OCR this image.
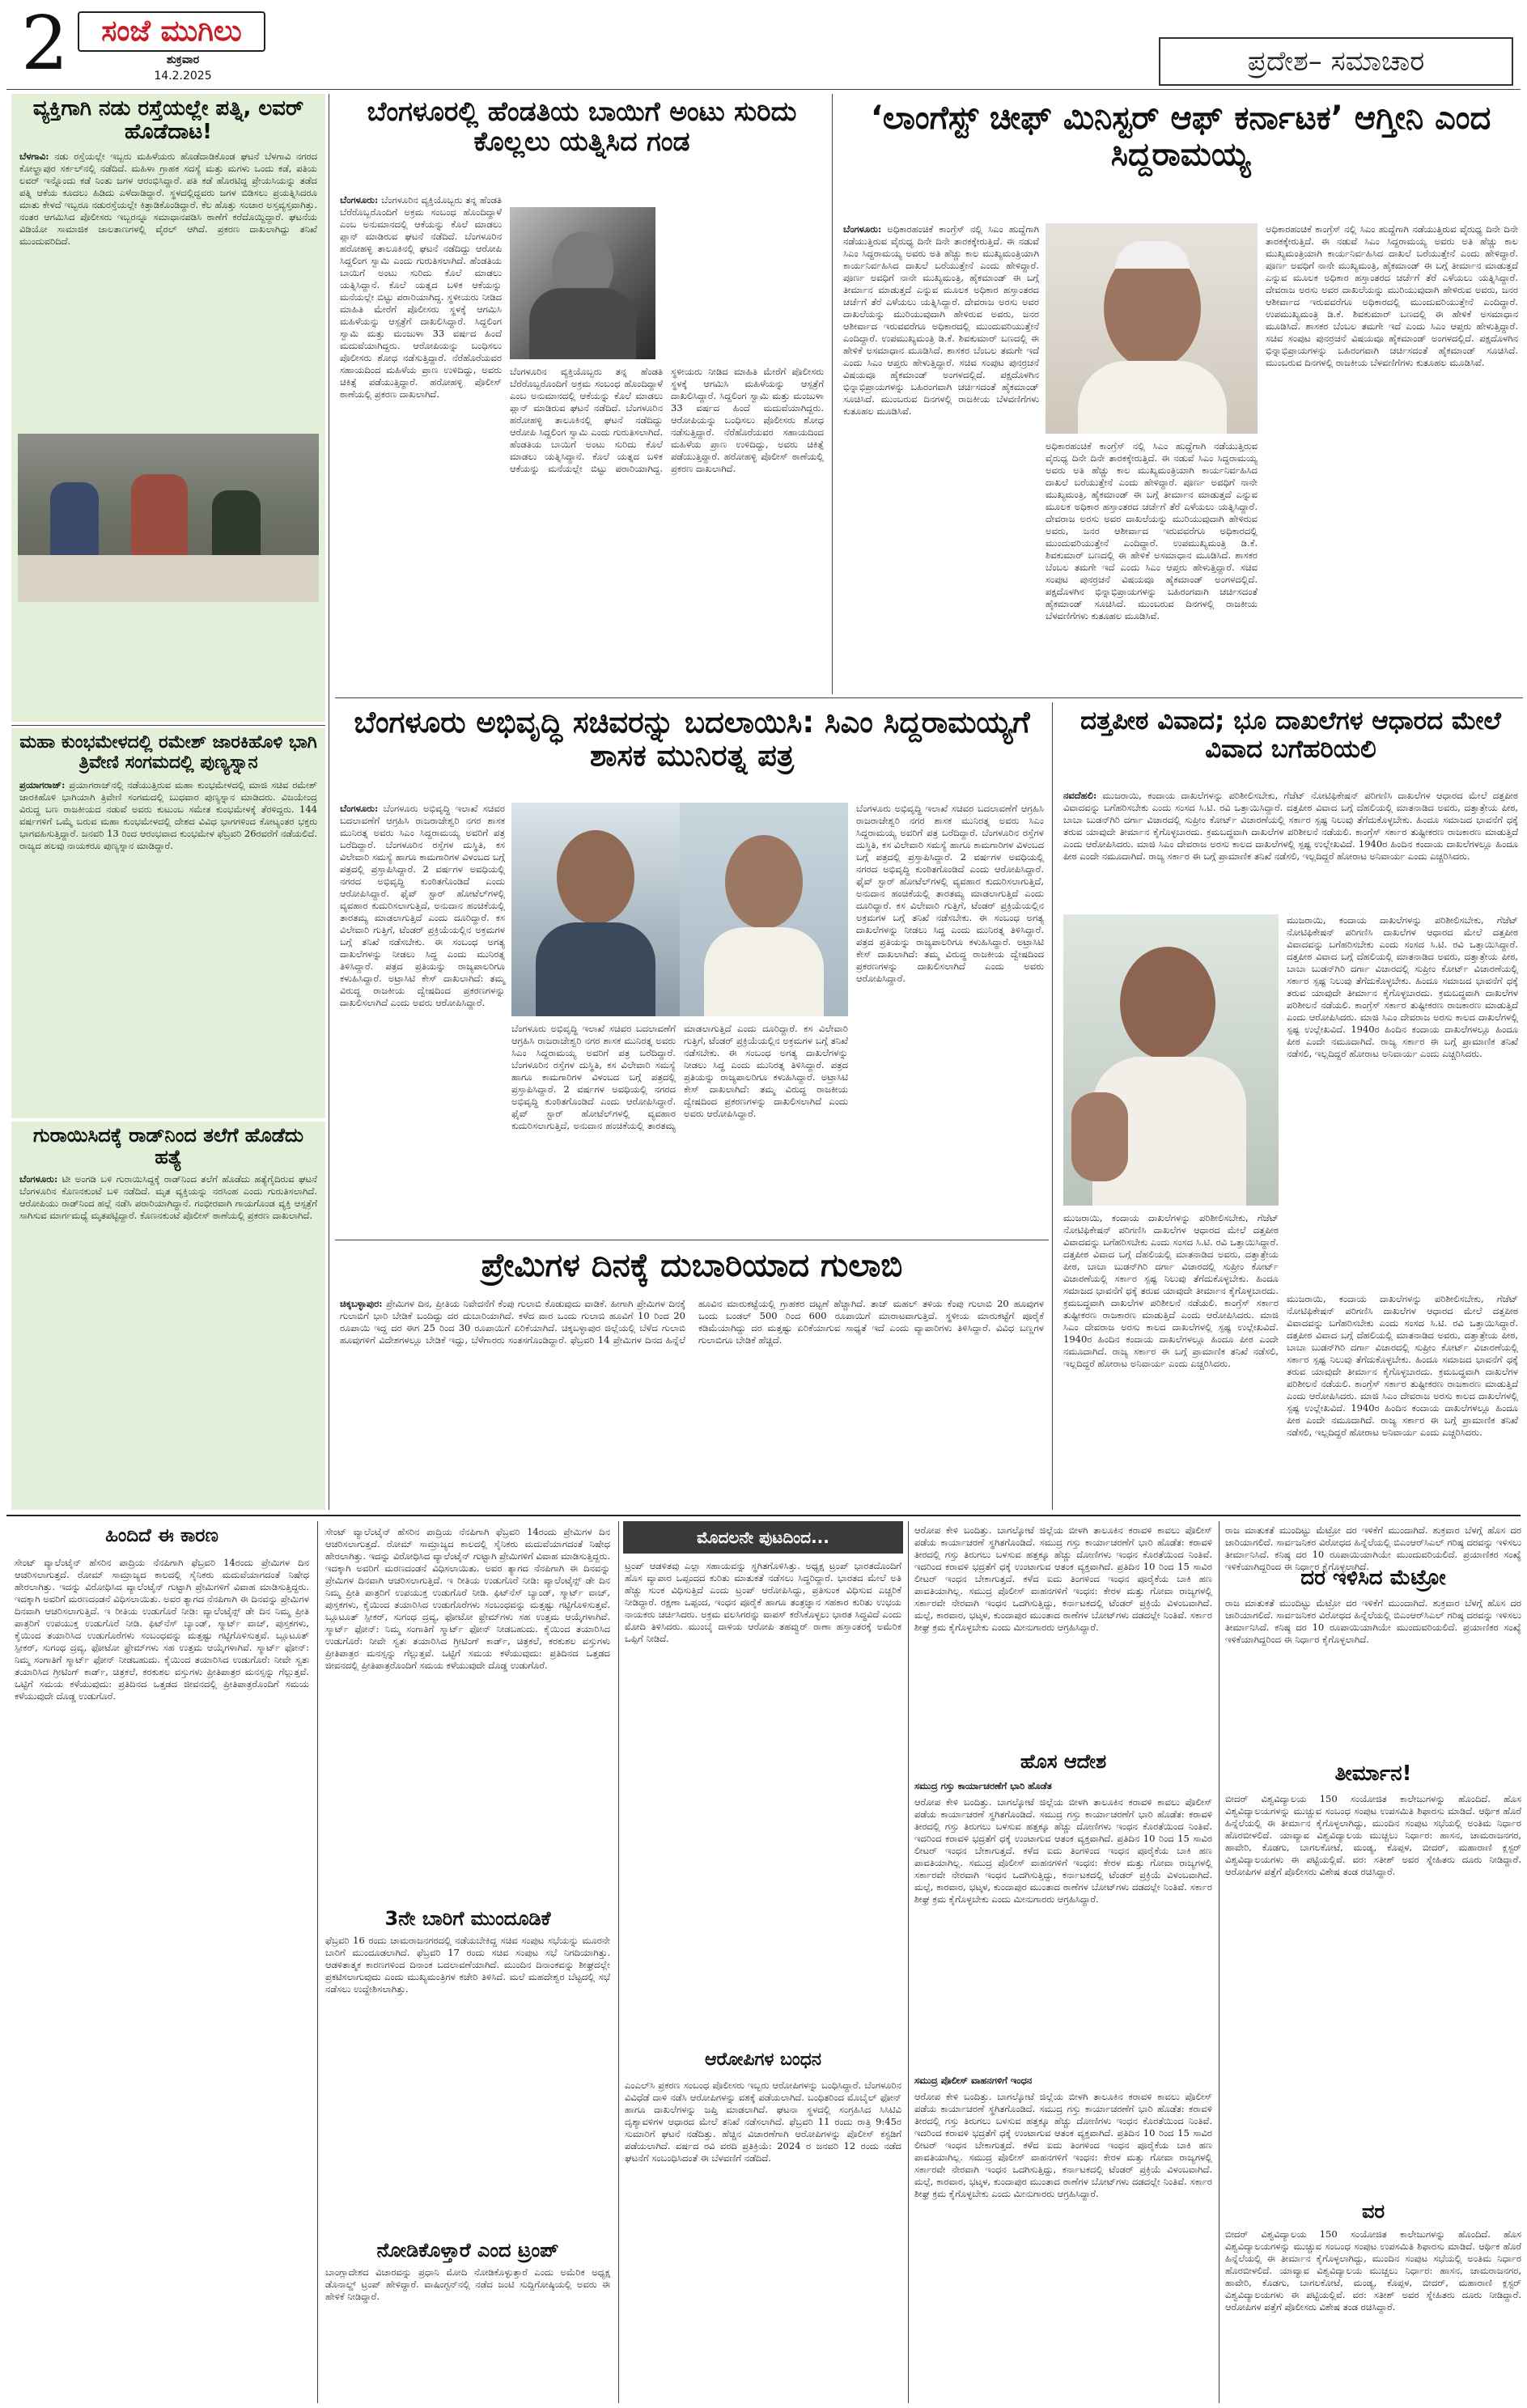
2	ಸಂಜೆ ಮುಗಿಲು
ಶುಕ್ರವಾರ
14.2.2025	ಪ್ರದೇಶ– ಸಮಾಚಾರ
ವ್ಯಕ್ತಿಗಾಗಿ ನಡು ರಸ್ತೆಯಲ್ಲೇ ಪತ್ನಿ, ಲವರ್ ಹೊಡೆದಾಟ!
ಬೆಳಗಾವಿ: ನಡು ರಸ್ತೆಯಲ್ಲೇ ಇಬ್ಬರು ಮಹಿಳೆಯರು ಹೊಡೆದಾಡಿಕೊಂಡ ಘಟನೆ ಬೆಳಗಾವಿ ನಗರದ ಕೋಲ್ಹಾಪುರ ಸರ್ಕಲ್‌ನಲ್ಲಿ ನಡೆದಿದೆ. ಮಹಿಳಾ ಗ್ರಾಹಕ ಸದಸ್ಯೆ ಮತ್ತು ಮಗಳು ಒಂದು ಕಡೆ, ಪತಿಯ ಲವರ್ ಇನ್ನೊಂದು ಕಡೆ ನಿಂತು ಜಗಳ ಆರಂಭಿಸಿದ್ದಾರೆ. ಪತಿ ಕಡೆ ಹೊರಟಿದ್ದ ಪ್ರೇಯಸಿಯನ್ನು ತಡೆದ ಪತ್ನಿ ಆಕೆಯ ಕೂದಲು ಹಿಡಿದು ಎಳೆದಾಡಿದ್ದಾರೆ. ಸ್ಥಳದಲ್ಲಿದ್ದವರು ಜಗಳ ಬಿಡಿಸಲು ಪ್ರಯತ್ನಿಸಿದರೂ ಮಾತು ಕೇಳದೆ ಇಬ್ಬರೂ ನಡುರಸ್ತೆಯಲ್ಲೇ ಕಿತ್ತಾಡಿಕೊಂಡಿದ್ದಾರೆ. ಕೆಲ ಹೊತ್ತು ಸಂಚಾರ ಅಸ್ತವ್ಯಸ್ತವಾಗಿತ್ತು. ನಂತರ ಆಗಮಿಸಿದ ಪೊಲೀಸರು ಇಬ್ಬರನ್ನೂ ಸಮಾಧಾನಪಡಿಸಿ ಠಾಣೆಗೆ ಕರೆದೊಯ್ದಿದ್ದಾರೆ. ಘಟನೆಯ ವಿಡಿಯೋ ಸಾಮಾಜಿಕ ಜಾಲತಾಣಗಳಲ್ಲಿ ವೈರಲ್ ಆಗಿದೆ. ಪ್ರಕರಣ ದಾಖಲಾಗಿದ್ದು ತನಿಖೆ ಮುಂದುವರಿದಿದೆ.
ಮಹಾ ಕುಂಭಮೇಳದಲ್ಲಿ ರಮೇಶ್ ಜಾರಕಿಹೊಳಿ ಭಾಗಿ ತ್ರಿವೇಣಿ ಸಂಗಮದಲ್ಲಿ ಪುಣ್ಯಸ್ನಾನ
ಪ್ರಯಾಗರಾಜ್: ಪ್ರಯಾಗರಾಜ್‌ನಲ್ಲಿ ನಡೆಯುತ್ತಿರುವ ಮಹಾ ಕುಂಭಮೇಳದಲ್ಲಿ ಮಾಜಿ ಸಚಿವ ರಮೇಶ್ ಜಾರಕಿಹೊಳಿ ಭಾಗಿಯಾಗಿ ತ್ರಿವೇಣಿ ಸಂಗಮದಲ್ಲಿ ಬುಧವಾರ ಪುಣ್ಯಸ್ನಾನ ಮಾಡಿದರು. ವಿಜಯೇಂದ್ರ ವಿರುದ್ಧ ಬಣ ರಾಜಕೀಯದ ನಡುವೆ ಅವರು ಕುಟುಂಬ ಸಮೇತ ಕುಂಭಮೇಳಕ್ಕೆ ತೆರಳಿದ್ದರು. 144 ವರ್ಷಗಳಿಗೆ ಒಮ್ಮೆ ಬರುವ ಮಹಾ ಕುಂಭಮೇಳದಲ್ಲಿ ದೇಶದ ವಿವಿಧ ಭಾಗಗಳಿಂದ ಕೋಟ್ಯಂತರ ಭಕ್ತರು ಭಾಗವಹಿಸುತ್ತಿದ್ದಾರೆ. ಜನವರಿ 13 ರಿಂದ ಆರಂಭವಾದ ಕುಂಭಮೇಳ ಫೆಬ್ರವರಿ 26ರವರೆಗೆ ನಡೆಯಲಿದೆ. ರಾಜ್ಯದ ಹಲವು ನಾಯಕರೂ ಪುಣ್ಯಸ್ನಾನ ಮಾಡಿದ್ದಾರೆ.
ಗುರಾಯಿಸಿದಕ್ಕೆ ರಾಡ್‌ನಿಂದ ತಲೆಗೆ ಹೊಡೆದು ಹತ್ಯೆ
ಬೆಂಗಳೂರು: ಟೀ ಅಂಗಡಿ ಬಳಿ ಗುರಾಯಿಸಿದ್ದಕ್ಕೆ ರಾಡ್‌ನಿಂದ ತಲೆಗೆ ಹೊಡೆದು ಹತ್ಯೆಗೈದಿರುವ ಘಟನೆ ಬೆಂಗಳೂರಿನ ಕೊಣನಕುಂಟೆ ಬಳಿ ನಡೆದಿದೆ. ಮೃತ ವ್ಯಕ್ತಿಯನ್ನು ನರಸಿಂಹ ಎಂದು ಗುರುತಿಸಲಾಗಿದೆ. ಆರೋಪಿಯು ರಾಡ್‌ನಿಂದ ಹಲ್ಲೆ ನಡೆಸಿ ಪರಾರಿಯಾಗಿದ್ದಾನೆ. ಗಂಭೀರವಾಗಿ ಗಾಯಗೊಂಡ ವ್ಯಕ್ತಿ ಆಸ್ಪತ್ರೆಗೆ ಸಾಗಿಸುವ ಮಾರ್ಗಮಧ್ಯೆ ಮೃತಪಟ್ಟಿದ್ದಾರೆ. ಕೊಣನಕುಂಟೆ ಪೊಲೀಸ್ ಠಾಣೆಯಲ್ಲಿ ಪ್ರಕರಣ ದಾಖಲಾಗಿದೆ.
ಬೆಂಗಳೂರಲ್ಲಿ ಹೆಂಡತಿಯ ಬಾಯಿಗೆ ಅಂಟು ಸುರಿದು ಕೊಲ್ಲಲು ಯತ್ನಿಸಿದ ಗಂಡ
ಬೆಂಗಳೂರು: ಬೆಂಗಳೂರಿನ ವ್ಯಕ್ತಿಯೊಬ್ಬರು ತನ್ನ ಹೆಂಡತಿ ಬೆರೆರೊಬ್ಬರೊಂದಿಗೆ ಅಕ್ರಮ ಸಂಬಂಧ ಹೊಂದಿದ್ದಾಳೆ ಎಂಬ ಅನುಮಾನದಲ್ಲಿ ಆಕೆಯನ್ನು ಕೊಲೆ ಮಾಡಲು ಪ್ಲಾನ್ ಮಾಡಿರುವ ಘಟನೆ ನಡೆದಿದೆ. ಬೆಂಗಳೂರಿನ ಹರೋಹಳ್ಳಿ ತಾಲೂಕಿನಲ್ಲಿ ಘಟನೆ ನಡೆದಿದ್ದು ಆರೋಪಿ ಸಿದ್ದಲಿಂಗ ಸ್ವಾಮಿ ಎಂದು ಗುರುತಿಸಲಾಗಿದೆ. ಹೆಂಡತಿಯ ಬಾಯಿಗೆ ಅಂಟು ಸುರಿದು ಕೊಲೆ ಮಾಡಲು ಯತ್ನಿಸಿದ್ದಾನೆ. ಕೊಲೆ ಯತ್ನದ ಬಳಿಕ ಆಕೆಯನ್ನು ಮನೆಯಲ್ಲೇ ಬಿಟ್ಟು ಪರಾರಿಯಾಗಿದ್ದ. ಸ್ಥಳೀಯರು ನೀಡಿದ ಮಾಹಿತಿ ಮೇರೆಗೆ ಪೊಲೀಸರು ಸ್ಥಳಕ್ಕೆ ಆಗಮಿಸಿ ಮಹಿಳೆಯನ್ನು ಆಸ್ಪತ್ರೆಗೆ ದಾಖಲಿಸಿದ್ದಾರೆ. ಸಿದ್ದಲಿಂಗ ಸ್ವಾಮಿ ಮತ್ತು ಮಂಜುಳಾ 33 ವರ್ಷದ ಹಿಂದೆ ಮದುವೆಯಾಗಿದ್ದರು. ಆರೋಪಿಯನ್ನು ಬಂಧಿಸಲು ಪೊಲೀಸರು ಶೋಧ ನಡೆಸುತ್ತಿದ್ದಾರೆ. ನೆರೆಹೊರೆಯವರ ಸಹಾಯದಿಂದ ಮಹಿಳೆಯ ಪ್ರಾಣ ಉಳಿದಿದ್ದು, ಅವರು ಚಿಕಿತ್ಸೆ ಪಡೆಯುತ್ತಿದ್ದಾರೆ. ಹರೋಹಳ್ಳಿ ಪೊಲೀಸ್ ಠಾಣೆಯಲ್ಲಿ ಪ್ರಕರಣ ದಾಖಲಾಗಿದೆ.
ಬೆಂಗಳೂರಿನ ವ್ಯಕ್ತಿಯೊಬ್ಬರು ತನ್ನ ಹೆಂಡತಿ ಬೆರೆರೊಬ್ಬರೊಂದಿಗೆ ಅಕ್ರಮ ಸಂಬಂಧ ಹೊಂದಿದ್ದಾಳೆ ಎಂಬ ಅನುಮಾನದಲ್ಲಿ ಆಕೆಯನ್ನು ಕೊಲೆ ಮಾಡಲು ಪ್ಲಾನ್ ಮಾಡಿರುವ ಘಟನೆ ನಡೆದಿದೆ. ಬೆಂಗಳೂರಿನ ಹರೋಹಳ್ಳಿ ತಾಲೂಕಿನಲ್ಲಿ ಘಟನೆ ನಡೆದಿದ್ದು ಆರೋಪಿ ಸಿದ್ದಲಿಂಗ ಸ್ವಾಮಿ ಎಂದು ಗುರುತಿಸಲಾಗಿದೆ. ಹೆಂಡತಿಯ ಬಾಯಿಗೆ ಅಂಟು ಸುರಿದು ಕೊಲೆ ಮಾಡಲು ಯತ್ನಿಸಿದ್ದಾನೆ. ಕೊಲೆ ಯತ್ನದ ಬಳಿಕ ಆಕೆಯನ್ನು ಮನೆಯಲ್ಲೇ ಬಿಟ್ಟು ಪರಾರಿಯಾಗಿದ್ದ. ಸ್ಥಳೀಯರು ನೀಡಿದ ಮಾಹಿತಿ ಮೇರೆಗೆ ಪೊಲೀಸರು ಸ್ಥಳಕ್ಕೆ ಆಗಮಿಸಿ ಮಹಿಳೆಯನ್ನು ಆಸ್ಪತ್ರೆಗೆ ದಾಖಲಿಸಿದ್ದಾರೆ. ಸಿದ್ದಲಿಂಗ ಸ್ವಾಮಿ ಮತ್ತು ಮಂಜುಳಾ 33 ವರ್ಷದ ಹಿಂದೆ ಮದುವೆಯಾಗಿದ್ದರು. ಆರೋಪಿಯನ್ನು ಬಂಧಿಸಲು ಪೊಲೀಸರು ಶೋಧ ನಡೆಸುತ್ತಿದ್ದಾರೆ. ನೆರೆಹೊರೆಯವರ ಸಹಾಯದಿಂದ ಮಹಿಳೆಯ ಪ್ರಾಣ ಉಳಿದಿದ್ದು, ಅವರು ಚಿಕಿತ್ಸೆ ಪಡೆಯುತ್ತಿದ್ದಾರೆ. ಹರೋಹಳ್ಳಿ ಪೊಲೀಸ್ ಠಾಣೆಯಲ್ಲಿ ಪ್ರಕರಣ ದಾಖಲಾಗಿದೆ.
‘ಲಾಂಗೆಸ್ಟ್ ಚೀಫ್ ಮಿನಿಸ್ಟರ್ ಆಫ್ ಕರ್ನಾಟಕ’ ಆಗ್ತೀನಿ ಎಂದ ಸಿದ್ದರಾಮಯ್ಯ
ಬೆಂಗಳೂರು: ಅಧಿಕಾರಹಂಚಿಕೆ ಕಾಂಗ್ರೆಸ್ ನಲ್ಲಿ ಸಿಎಂ ಹುದ್ದೆಗಾಗಿ ನಡೆಯುತ್ತಿರುವ ವೈರುಧ್ಯ ದಿನೇ ದಿನೇ ತಾರಕಕ್ಕೇರುತ್ತಿದೆ. ಈ ನಡುವೆ ಸಿಎಂ ಸಿದ್ದರಾಮಯ್ಯ ಅವರು ಅತಿ ಹೆಚ್ಚು ಕಾಲ ಮುಖ್ಯಮಂತ್ರಿಯಾಗಿ ಕಾರ್ಯನಿರ್ವಹಿಸಿದ ದಾಖಲೆ ಬರೆಯುತ್ತೇನೆ ಎಂದು ಹೇಳಿದ್ದಾರೆ. ಪೂರ್ಣ ಅವಧಿಗೆ ನಾನೇ ಮುಖ್ಯಮಂತ್ರಿ, ಹೈಕಮಾಂಡ್ ಈ ಬಗ್ಗೆ ತೀರ್ಮಾನ ಮಾಡುತ್ತದೆ ಎನ್ನುವ ಮೂಲಕ ಅಧಿಕಾರ ಹಸ್ತಾಂತರದ ಚರ್ಚೆಗೆ ತೆರೆ ಎಳೆಯಲು ಯತ್ನಿಸಿದ್ದಾರೆ. ದೇವರಾಜ ಅರಸು ಅವರ ದಾಖಲೆಯನ್ನು ಮುರಿಯುವುದಾಗಿ ಹೇಳಿರುವ ಅವರು, ಜನರ ಆಶೀರ್ವಾದ ಇರುವವರೆಗೂ ಅಧಿಕಾರದಲ್ಲಿ ಮುಂದುವರಿಯುತ್ತೇನೆ ಎಂದಿದ್ದಾರೆ. ಉಪಮುಖ್ಯಮಂತ್ರಿ ಡಿ.ಕೆ. ಶಿವಕುಮಾರ್ ಬಣದಲ್ಲಿ ಈ ಹೇಳಿಕೆ ಅಸಮಾಧಾನ ಮೂಡಿಸಿದೆ. ಶಾಸಕರ ಬೆಂಬಲ ತಮಗೇ ಇದೆ ಎಂದು ಸಿಎಂ ಆಪ್ತರು ಹೇಳುತ್ತಿದ್ದಾರೆ. ಸಚಿವ ಸಂಪುಟ ಪುನರ್ರಚನೆ ವಿಷಯವೂ ಹೈಕಮಾಂಡ್ ಅಂಗಳದಲ್ಲಿದೆ. ಪಕ್ಷದೊಳಗಿನ ಭಿನ್ನಾಭಿಪ್ರಾಯಗಳನ್ನು ಬಹಿರಂಗವಾಗಿ ಚರ್ಚಿಸದಂತೆ ಹೈಕಮಾಂಡ್ ಸೂಚಿಸಿದೆ. ಮುಂಬರುವ ದಿನಗಳಲ್ಲಿ ರಾಜಕೀಯ ಬೆಳವಣಿಗೆಗಳು ಕುತೂಹಲ ಮೂಡಿಸಿವೆ.
ಅಧಿಕಾರಹಂಚಿಕೆ ಕಾಂಗ್ರೆಸ್ ನಲ್ಲಿ ಸಿಎಂ ಹುದ್ದೆಗಾಗಿ ನಡೆಯುತ್ತಿರುವ ವೈರುಧ್ಯ ದಿನೇ ದಿನೇ ತಾರಕಕ್ಕೇರುತ್ತಿದೆ. ಈ ನಡುವೆ ಸಿಎಂ ಸಿದ್ದರಾಮಯ್ಯ ಅವರು ಅತಿ ಹೆಚ್ಚು ಕಾಲ ಮುಖ್ಯಮಂತ್ರಿಯಾಗಿ ಕಾರ್ಯನಿರ್ವಹಿಸಿದ ದಾಖಲೆ ಬರೆಯುತ್ತೇನೆ ಎಂದು ಹೇಳಿದ್ದಾರೆ. ಪೂರ್ಣ ಅವಧಿಗೆ ನಾನೇ ಮುಖ್ಯಮಂತ್ರಿ, ಹೈಕಮಾಂಡ್ ಈ ಬಗ್ಗೆ ತೀರ್ಮಾನ ಮಾಡುತ್ತದೆ ಎನ್ನುವ ಮೂಲಕ ಅಧಿಕಾರ ಹಸ್ತಾಂತರದ ಚರ್ಚೆಗೆ ತೆರೆ ಎಳೆಯಲು ಯತ್ನಿಸಿದ್ದಾರೆ. ದೇವರಾಜ ಅರಸು ಅವರ ದಾಖಲೆಯನ್ನು ಮುರಿಯುವುದಾಗಿ ಹೇಳಿರುವ ಅವರು, ಜನರ ಆಶೀರ್ವಾದ ಇರುವವರೆಗೂ ಅಧಿಕಾರದಲ್ಲಿ ಮುಂದುವರಿಯುತ್ತೇನೆ ಎಂದಿದ್ದಾರೆ. ಉಪಮುಖ್ಯಮಂತ್ರಿ ಡಿ.ಕೆ. ಶಿವಕುಮಾರ್ ಬಣದಲ್ಲಿ ಈ ಹೇಳಿಕೆ ಅಸಮಾಧಾನ ಮೂಡಿಸಿದೆ. ಶಾಸಕರ ಬೆಂಬಲ ತಮಗೇ ಇದೆ ಎಂದು ಸಿಎಂ ಆಪ್ತರು ಹೇಳುತ್ತಿದ್ದಾರೆ. ಸಚಿವ ಸಂಪುಟ ಪುನರ್ರಚನೆ ವಿಷಯವೂ ಹೈಕಮಾಂಡ್ ಅಂಗಳದಲ್ಲಿದೆ. ಪಕ್ಷದೊಳಗಿನ ಭಿನ್ನಾಭಿಪ್ರಾಯಗಳನ್ನು ಬಹಿರಂಗವಾಗಿ ಚರ್ಚಿಸದಂತೆ ಹೈಕಮಾಂಡ್ ಸೂಚಿಸಿದೆ. ಮುಂಬರುವ ದಿನಗಳಲ್ಲಿ ರಾಜಕೀಯ ಬೆಳವಣಿಗೆಗಳು ಕುತೂಹಲ ಮೂಡಿಸಿವೆ.
ಅಧಿಕಾರಹಂಚಿಕೆ ಕಾಂಗ್ರೆಸ್ ನಲ್ಲಿ ಸಿಎಂ ಹುದ್ದೆಗಾಗಿ ನಡೆಯುತ್ತಿರುವ ವೈರುಧ್ಯ ದಿನೇ ದಿನೇ ತಾರಕಕ್ಕೇರುತ್ತಿದೆ. ಈ ನಡುವೆ ಸಿಎಂ ಸಿದ್ದರಾಮಯ್ಯ ಅವರು ಅತಿ ಹೆಚ್ಚು ಕಾಲ ಮುಖ್ಯಮಂತ್ರಿಯಾಗಿ ಕಾರ್ಯನಿರ್ವಹಿಸಿದ ದಾಖಲೆ ಬರೆಯುತ್ತೇನೆ ಎಂದು ಹೇಳಿದ್ದಾರೆ. ಪೂರ್ಣ ಅವಧಿಗೆ ನಾನೇ ಮುಖ್ಯಮಂತ್ರಿ, ಹೈಕಮಾಂಡ್ ಈ ಬಗ್ಗೆ ತೀರ್ಮಾನ ಮಾಡುತ್ತದೆ ಎನ್ನುವ ಮೂಲಕ ಅಧಿಕಾರ ಹಸ್ತಾಂತರದ ಚರ್ಚೆಗೆ ತೆರೆ ಎಳೆಯಲು ಯತ್ನಿಸಿದ್ದಾರೆ. ದೇವರಾಜ ಅರಸು ಅವರ ದಾಖಲೆಯನ್ನು ಮುರಿಯುವುದಾಗಿ ಹೇಳಿರುವ ಅವರು, ಜನರ ಆಶೀರ್ವಾದ ಇರುವವರೆಗೂ ಅಧಿಕಾರದಲ್ಲಿ ಮುಂದುವರಿಯುತ್ತೇನೆ ಎಂದಿದ್ದಾರೆ. ಉಪಮುಖ್ಯಮಂತ್ರಿ ಡಿ.ಕೆ. ಶಿವಕುಮಾರ್ ಬಣದಲ್ಲಿ ಈ ಹೇಳಿಕೆ ಅಸಮಾಧಾನ ಮೂಡಿಸಿದೆ. ಶಾಸಕರ ಬೆಂಬಲ ತಮಗೇ ಇದೆ ಎಂದು ಸಿಎಂ ಆಪ್ತರು ಹೇಳುತ್ತಿದ್ದಾರೆ. ಸಚಿವ ಸಂಪುಟ ಪುನರ್ರಚನೆ ವಿಷಯವೂ ಹೈಕಮಾಂಡ್ ಅಂಗಳದಲ್ಲಿದೆ. ಪಕ್ಷದೊಳಗಿನ ಭಿನ್ನಾಭಿಪ್ರಾಯಗಳನ್ನು ಬಹಿರಂಗವಾಗಿ ಚರ್ಚಿಸದಂತೆ ಹೈಕಮಾಂಡ್ ಸೂಚಿಸಿದೆ. ಮುಂಬರುವ ದಿನಗಳಲ್ಲಿ ರಾಜಕೀಯ ಬೆಳವಣಿಗೆಗಳು ಕುತೂಹಲ ಮೂಡಿಸಿವೆ.
ಬೆಂಗಳೂರು ಅಭಿವೃದ್ಧಿ ಸಚಿವರನ್ನು ಬದಲಾಯಿಸಿ: ಸಿಎಂ ಸಿದ್ದರಾಮಯ್ಯಗೆ ಶಾಸಕ ಮುನಿರತ್ನ ಪತ್ರ
ಬೆಂಗಳೂರು: ಬೆಂಗಳೂರು ಅಭಿವೃದ್ಧಿ ಇಲಾಖೆ ಸಚಿವರ ಬದಲಾವಣೆಗೆ ಆಗ್ರಹಿಸಿ ರಾಜರಾಜೇಶ್ವರಿ ನಗರ ಶಾಸಕ ಮುನಿರತ್ನ ಅವರು ಸಿಎಂ ಸಿದ್ದರಾಮಯ್ಯ ಅವರಿಗೆ ಪತ್ರ ಬರೆದಿದ್ದಾರೆ. ಬೆಂಗಳೂರಿನ ರಸ್ತೆಗಳ ದುಸ್ಥಿತಿ, ಕಸ ವಿಲೇವಾರಿ ಸಮಸ್ಯೆ ಹಾಗೂ ಕಾಮಗಾರಿಗಳ ವಿಳಂಬದ ಬಗ್ಗೆ ಪತ್ರದಲ್ಲಿ ಪ್ರಸ್ತಾಪಿಸಿದ್ದಾರೆ. 2 ವರ್ಷಗಳ ಅವಧಿಯಲ್ಲಿ ನಗರದ ಅಭಿವೃದ್ಧಿ ಕುಂಠಿತಗೊಂಡಿದೆ ಎಂದು ಆರೋಪಿಸಿದ್ದಾರೆ. ಫೈವ್ ಸ್ಟಾರ್ ಹೋಟೆಲ್‌ಗಳಲ್ಲಿ ವ್ಯವಹಾರ ಕುದುರಿಸಲಾಗುತ್ತಿದೆ, ಅನುದಾನ ಹಂಚಿಕೆಯಲ್ಲಿ ತಾರತಮ್ಯ ಮಾಡಲಾಗುತ್ತಿದೆ ಎಂದು ದೂರಿದ್ದಾರೆ. ಕಸ ವಿಲೇವಾರಿ ಗುತ್ತಿಗೆ, ಟೆಂಡರ್ ಪ್ರಕ್ರಿಯೆಯಲ್ಲಿನ ಅಕ್ರಮಗಳ ಬಗ್ಗೆ ತನಿಖೆ ನಡೆಸಬೇಕು. ಈ ಸಂಬಂಧ ಅಗತ್ಯ ದಾಖಲೆಗಳನ್ನು ನೀಡಲು ಸಿದ್ಧ ಎಂದು ಮುನಿರತ್ನ ತಿಳಿಸಿದ್ದಾರೆ. ಪತ್ರದ ಪ್ರತಿಯನ್ನು ರಾಜ್ಯಪಾಲರಿಗೂ ಕಳುಹಿಸಿದ್ದಾರೆ. ಅಟ್ರಾಸಿಟಿ ಕೇಸ್ ದಾಖಲಾಗಿದೆ: ತಮ್ಮ ವಿರುದ್ಧ ರಾಜಕೀಯ ದ್ವೇಷದಿಂದ ಪ್ರಕರಣಗಳನ್ನು ದಾಖಲಿಸಲಾಗಿದೆ ಎಂದು ಅವರು ಆರೋಪಿಸಿದ್ದಾರೆ.
ಬೆಂಗಳೂರು ಅಭಿವೃದ್ಧಿ ಇಲಾಖೆ ಸಚಿವರ ಬದಲಾವಣೆಗೆ ಆಗ್ರಹಿಸಿ ರಾಜರಾಜೇಶ್ವರಿ ನಗರ ಶಾಸಕ ಮುನಿರತ್ನ ಅವರು ಸಿಎಂ ಸಿದ್ದರಾಮಯ್ಯ ಅವರಿಗೆ ಪತ್ರ ಬರೆದಿದ್ದಾರೆ. ಬೆಂಗಳೂರಿನ ರಸ್ತೆಗಳ ದುಸ್ಥಿತಿ, ಕಸ ವಿಲೇವಾರಿ ಸಮಸ್ಯೆ ಹಾಗೂ ಕಾಮಗಾರಿಗಳ ವಿಳಂಬದ ಬಗ್ಗೆ ಪತ್ರದಲ್ಲಿ ಪ್ರಸ್ತಾಪಿಸಿದ್ದಾರೆ. 2 ವರ್ಷಗಳ ಅವಧಿಯಲ್ಲಿ ನಗರದ ಅಭಿವೃದ್ಧಿ ಕುಂಠಿತಗೊಂಡಿದೆ ಎಂದು ಆರೋಪಿಸಿದ್ದಾರೆ. ಫೈವ್ ಸ್ಟಾರ್ ಹೋಟೆಲ್‌ಗಳಲ್ಲಿ ವ್ಯವಹಾರ ಕುದುರಿಸಲಾಗುತ್ತಿದೆ, ಅನುದಾನ ಹಂಚಿಕೆಯಲ್ಲಿ ತಾರತಮ್ಯ ಮಾಡಲಾಗುತ್ತಿದೆ ಎಂದು ದೂರಿದ್ದಾರೆ. ಕಸ ವಿಲೇವಾರಿ ಗುತ್ತಿಗೆ, ಟೆಂಡರ್ ಪ್ರಕ್ರಿಯೆಯಲ್ಲಿನ ಅಕ್ರಮಗಳ ಬಗ್ಗೆ ತನಿಖೆ ನಡೆಸಬೇಕು. ಈ ಸಂಬಂಧ ಅಗತ್ಯ ದಾಖಲೆಗಳನ್ನು ನೀಡಲು ಸಿದ್ಧ ಎಂದು ಮುನಿರತ್ನ ತಿಳಿಸಿದ್ದಾರೆ. ಪತ್ರದ ಪ್ರತಿಯನ್ನು ರಾಜ್ಯಪಾಲರಿಗೂ ಕಳುಹಿಸಿದ್ದಾರೆ. ಅಟ್ರಾಸಿಟಿ ಕೇಸ್ ದಾಖಲಾಗಿದೆ: ತಮ್ಮ ವಿರುದ್ಧ ರಾಜಕೀಯ ದ್ವೇಷದಿಂದ ಪ್ರಕರಣಗಳನ್ನು ದಾಖಲಿಸಲಾಗಿದೆ ಎಂದು ಅವರು ಆರೋಪಿಸಿದ್ದಾರೆ.
ಬೆಂಗಳೂರು ಅಭಿವೃದ್ಧಿ ಇಲಾಖೆ ಸಚಿವರ ಬದಲಾವಣೆಗೆ ಆಗ್ರಹಿಸಿ ರಾಜರಾಜೇಶ್ವರಿ ನಗರ ಶಾಸಕ ಮುನಿರತ್ನ ಅವರು ಸಿಎಂ ಸಿದ್ದರಾಮಯ್ಯ ಅವರಿಗೆ ಪತ್ರ ಬರೆದಿದ್ದಾರೆ. ಬೆಂಗಳೂರಿನ ರಸ್ತೆಗಳ ದುಸ್ಥಿತಿ, ಕಸ ವಿಲೇವಾರಿ ಸಮಸ್ಯೆ ಹಾಗೂ ಕಾಮಗಾರಿಗಳ ವಿಳಂಬದ ಬಗ್ಗೆ ಪತ್ರದಲ್ಲಿ ಪ್ರಸ್ತಾಪಿಸಿದ್ದಾರೆ. 2 ವರ್ಷಗಳ ಅವಧಿಯಲ್ಲಿ ನಗರದ ಅಭಿವೃದ್ಧಿ ಕುಂಠಿತಗೊಂಡಿದೆ ಎಂದು ಆರೋಪಿಸಿದ್ದಾರೆ. ಫೈವ್ ಸ್ಟಾರ್ ಹೋಟೆಲ್‌ಗಳಲ್ಲಿ ವ್ಯವಹಾರ ಕುದುರಿಸಲಾಗುತ್ತಿದೆ, ಅನುದಾನ ಹಂಚಿಕೆಯಲ್ಲಿ ತಾರತಮ್ಯ ಮಾಡಲಾಗುತ್ತಿದೆ ಎಂದು ದೂರಿದ್ದಾರೆ. ಕಸ ವಿಲೇವಾರಿ ಗುತ್ತಿಗೆ, ಟೆಂಡರ್ ಪ್ರಕ್ರಿಯೆಯಲ್ಲಿನ ಅಕ್ರಮಗಳ ಬಗ್ಗೆ ತನಿಖೆ ನಡೆಸಬೇಕು. ಈ ಸಂಬಂಧ ಅಗತ್ಯ ದಾಖಲೆಗಳನ್ನು ನೀಡಲು ಸಿದ್ಧ ಎಂದು ಮುನಿರತ್ನ ತಿಳಿಸಿದ್ದಾರೆ. ಪತ್ರದ ಪ್ರತಿಯನ್ನು ರಾಜ್ಯಪಾಲರಿಗೂ ಕಳುಹಿಸಿದ್ದಾರೆ. ಅಟ್ರಾಸಿಟಿ ಕೇಸ್ ದಾಖಲಾಗಿದೆ: ತಮ್ಮ ವಿರುದ್ಧ ರಾಜಕೀಯ ದ್ವೇಷದಿಂದ ಪ್ರಕರಣಗಳನ್ನು ದಾಖಲಿಸಲಾಗಿದೆ ಎಂದು ಅವರು ಆರೋಪಿಸಿದ್ದಾರೆ.
ದತ್ತಪೀಠ ವಿವಾದ; ಭೂ ದಾಖಲೆಗಳ ಆಧಾರದ ಮೇಲೆ ವಿವಾದ ಬಗೆಹರಿಯಲಿ
ನವದೆಹಲಿ: ಮುಜರಾಯಿ, ಕಂದಾಯ ದಾಖಲೆಗಳನ್ನು ಪರಿಶೀಲಿಸಬೇಕು, ಗೆಜೆಟ್ ನೋಟಿಫಿಕೇಷನ್ ಪರಿಗಣಿಸಿ ದಾಖಲೆಗಳ ಆಧಾರದ ಮೇಲೆ ದತ್ತಪೀಠ ವಿವಾದವನ್ನು ಬಗೆಹರಿಸಬೇಕು ಎಂದು ಸಂಸದ ಸಿ.ಟಿ. ರವಿ ಒತ್ತಾಯಿಸಿದ್ದಾರೆ. ದತ್ತಪೀಠ ವಿವಾದ ಬಗ್ಗೆ ದೆಹಲಿಯಲ್ಲಿ ಮಾತನಾಡಿದ ಅವರು, ದತ್ತಾತ್ರೇಯ ಪೀಠ, ಬಾಬಾ ಬುಡನ್‌ಗಿರಿ ದರ್ಗಾ ವಿಚಾರದಲ್ಲಿ ಸುಪ್ರೀಂ ಕೋರ್ಟ್ ವಿಚಾರಣೆಯಲ್ಲಿ ಸರ್ಕಾರ ಸ್ಪಷ್ಟ ನಿಲುವು ತೆಗೆದುಕೊಳ್ಳಬೇಕು. ಹಿಂದೂ ಸಮಾಜದ ಭಾವನೆಗೆ ಧಕ್ಕೆ ತರುವ ಯಾವುದೇ ತೀರ್ಮಾನ ಕೈಗೊಳ್ಳಬಾರದು. ಕ್ರಮಬದ್ಧವಾಗಿ ದಾಖಲೆಗಳ ಪರಿಶೀಲನೆ ನಡೆಯಲಿ. ಕಾಂಗ್ರೆಸ್ ಸರ್ಕಾರ ತುಷ್ಟೀಕರಣ ರಾಜಕಾರಣ ಮಾಡುತ್ತಿದೆ ಎಂದು ಆರೋಪಿಸಿದರು. ಮಾಜಿ ಸಿಎಂ ದೇವರಾಜ ಅರಸು ಕಾಲದ ದಾಖಲೆಗಳಲ್ಲಿ ಸ್ಪಷ್ಟ ಉಲ್ಲೇಖವಿದೆ. 1940ರ ಹಿಂದಿನ ಕಂದಾಯ ದಾಖಲೆಗಳಲ್ಲೂ ಹಿಂದೂ ಪೀಠ ಎಂದೇ ನಮೂದಾಗಿದೆ. ರಾಜ್ಯ ಸರ್ಕಾರ ಈ ಬಗ್ಗೆ ಪ್ರಾಮಾಣಿಕ ತನಿಖೆ ನಡೆಸಲಿ, ಇಲ್ಲದಿದ್ದರೆ ಹೋರಾಟ ಅನಿವಾರ್ಯ ಎಂದು ಎಚ್ಚರಿಸಿದರು.
ಮುಜರಾಯಿ, ಕಂದಾಯ ದಾಖಲೆಗಳನ್ನು ಪರಿಶೀಲಿಸಬೇಕು, ಗೆಜೆಟ್ ನೋಟಿಫಿಕೇಷನ್ ಪರಿಗಣಿಸಿ ದಾಖಲೆಗಳ ಆಧಾರದ ಮೇಲೆ ದತ್ತಪೀಠ ವಿವಾದವನ್ನು ಬಗೆಹರಿಸಬೇಕು ಎಂದು ಸಂಸದ ಸಿ.ಟಿ. ರವಿ ಒತ್ತಾಯಿಸಿದ್ದಾರೆ. ದತ್ತಪೀಠ ವಿವಾದ ಬಗ್ಗೆ ದೆಹಲಿಯಲ್ಲಿ ಮಾತನಾಡಿದ ಅವರು, ದತ್ತಾತ್ರೇಯ ಪೀಠ, ಬಾಬಾ ಬುಡನ್‌ಗಿರಿ ದರ್ಗಾ ವಿಚಾರದಲ್ಲಿ ಸುಪ್ರೀಂ ಕೋರ್ಟ್ ವಿಚಾರಣೆಯಲ್ಲಿ ಸರ್ಕಾರ ಸ್ಪಷ್ಟ ನಿಲುವು ತೆಗೆದುಕೊಳ್ಳಬೇಕು. ಹಿಂದೂ ಸಮಾಜದ ಭಾವನೆಗೆ ಧಕ್ಕೆ ತರುವ ಯಾವುದೇ ತೀರ್ಮಾನ ಕೈಗೊಳ್ಳಬಾರದು. ಕ್ರಮಬದ್ಧವಾಗಿ ದಾಖಲೆಗಳ ಪರಿಶೀಲನೆ ನಡೆಯಲಿ. ಕಾಂಗ್ರೆಸ್ ಸರ್ಕಾರ ತುಷ್ಟೀಕರಣ ರಾಜಕಾರಣ ಮಾಡುತ್ತಿದೆ ಎಂದು ಆರೋಪಿಸಿದರು. ಮಾಜಿ ಸಿಎಂ ದೇವರಾಜ ಅರಸು ಕಾಲದ ದಾಖಲೆಗಳಲ್ಲಿ ಸ್ಪಷ್ಟ ಉಲ್ಲೇಖವಿದೆ. 1940ರ ಹಿಂದಿನ ಕಂದಾಯ ದಾಖಲೆಗಳಲ್ಲೂ ಹಿಂದೂ ಪೀಠ ಎಂದೇ ನಮೂದಾಗಿದೆ. ರಾಜ್ಯ ಸರ್ಕಾರ ಈ ಬಗ್ಗೆ ಪ್ರಾಮಾಣಿಕ ತನಿಖೆ ನಡೆಸಲಿ, ಇಲ್ಲದಿದ್ದರೆ ಹೋರಾಟ ಅನಿವಾರ್ಯ ಎಂದು ಎಚ್ಚರಿಸಿದರು.
ಮುಜರಾಯಿ, ಕಂದಾಯ ದಾಖಲೆಗಳನ್ನು ಪರಿಶೀಲಿಸಬೇಕು, ಗೆಜೆಟ್ ನೋಟಿಫಿಕೇಷನ್ ಪರಿಗಣಿಸಿ ದಾಖಲೆಗಳ ಆಧಾರದ ಮೇಲೆ ದತ್ತಪೀಠ ವಿವಾದವನ್ನು ಬಗೆಹರಿಸಬೇಕು ಎಂದು ಸಂಸದ ಸಿ.ಟಿ. ರವಿ ಒತ್ತಾಯಿಸಿದ್ದಾರೆ. ದತ್ತಪೀಠ ವಿವಾದ ಬಗ್ಗೆ ದೆಹಲಿಯಲ್ಲಿ ಮಾತನಾಡಿದ ಅವರು, ದತ್ತಾತ್ರೇಯ ಪೀಠ, ಬಾಬಾ ಬುಡನ್‌ಗಿರಿ ದರ್ಗಾ ವಿಚಾರದಲ್ಲಿ ಸುಪ್ರೀಂ ಕೋರ್ಟ್ ವಿಚಾರಣೆಯಲ್ಲಿ ಸರ್ಕಾರ ಸ್ಪಷ್ಟ ನಿಲುವು ತೆಗೆದುಕೊಳ್ಳಬೇಕು. ಹಿಂದೂ ಸಮಾಜದ ಭಾವನೆಗೆ ಧಕ್ಕೆ ತರುವ ಯಾವುದೇ ತೀರ್ಮಾನ ಕೈಗೊಳ್ಳಬಾರದು. ಕ್ರಮಬದ್ಧವಾಗಿ ದಾಖಲೆಗಳ ಪರಿಶೀಲನೆ ನಡೆಯಲಿ. ಕಾಂಗ್ರೆಸ್ ಸರ್ಕಾರ ತುಷ್ಟೀಕರಣ ರಾಜಕಾರಣ ಮಾಡುತ್ತಿದೆ ಎಂದು ಆರೋಪಿಸಿದರು. ಮಾಜಿ ಸಿಎಂ ದೇವರಾಜ ಅರಸು ಕಾಲದ ದಾಖಲೆಗಳಲ್ಲಿ ಸ್ಪಷ್ಟ ಉಲ್ಲೇಖವಿದೆ. 1940ರ ಹಿಂದಿನ ಕಂದಾಯ ದಾಖಲೆಗಳಲ್ಲೂ ಹಿಂದೂ ಪೀಠ ಎಂದೇ ನಮೂದಾಗಿದೆ. ರಾಜ್ಯ ಸರ್ಕಾರ ಈ ಬಗ್ಗೆ ಪ್ರಾಮಾಣಿಕ ತನಿಖೆ ನಡೆಸಲಿ, ಇಲ್ಲದಿದ್ದರೆ ಹೋರಾಟ ಅನಿವಾರ್ಯ ಎಂದು ಎಚ್ಚರಿಸಿದರು.
ಮುಜರಾಯಿ, ಕಂದಾಯ ದಾಖಲೆಗಳನ್ನು ಪರಿಶೀಲಿಸಬೇಕು, ಗೆಜೆಟ್ ನೋಟಿಫಿಕೇಷನ್ ಪರಿಗಣಿಸಿ ದಾಖಲೆಗಳ ಆಧಾರದ ಮೇಲೆ ದತ್ತಪೀಠ ವಿವಾದವನ್ನು ಬಗೆಹರಿಸಬೇಕು ಎಂದು ಸಂಸದ ಸಿ.ಟಿ. ರವಿ ಒತ್ತಾಯಿಸಿದ್ದಾರೆ. ದತ್ತಪೀಠ ವಿವಾದ ಬಗ್ಗೆ ದೆಹಲಿಯಲ್ಲಿ ಮಾತನಾಡಿದ ಅವರು, ದತ್ತಾತ್ರೇಯ ಪೀಠ, ಬಾಬಾ ಬುಡನ್‌ಗಿರಿ ದರ್ಗಾ ವಿಚಾರದಲ್ಲಿ ಸುಪ್ರೀಂ ಕೋರ್ಟ್ ವಿಚಾರಣೆಯಲ್ಲಿ ಸರ್ಕಾರ ಸ್ಪಷ್ಟ ನಿಲುವು ತೆಗೆದುಕೊಳ್ಳಬೇಕು. ಹಿಂದೂ ಸಮಾಜದ ಭಾವನೆಗೆ ಧಕ್ಕೆ ತರುವ ಯಾವುದೇ ತೀರ್ಮಾನ ಕೈಗೊಳ್ಳಬಾರದು. ಕ್ರಮಬದ್ಧವಾಗಿ ದಾಖಲೆಗಳ ಪರಿಶೀಲನೆ ನಡೆಯಲಿ. ಕಾಂಗ್ರೆಸ್ ಸರ್ಕಾರ ತುಷ್ಟೀಕರಣ ರಾಜಕಾರಣ ಮಾಡುತ್ತಿದೆ ಎಂದು ಆರೋಪಿಸಿದರು. ಮಾಜಿ ಸಿಎಂ ದೇವರಾಜ ಅರಸು ಕಾಲದ ದಾಖಲೆಗಳಲ್ಲಿ ಸ್ಪಷ್ಟ ಉಲ್ಲೇಖವಿದೆ. 1940ರ ಹಿಂದಿನ ಕಂದಾಯ ದಾಖಲೆಗಳಲ್ಲೂ ಹಿಂದೂ ಪೀಠ ಎಂದೇ ನಮೂದಾಗಿದೆ. ರಾಜ್ಯ ಸರ್ಕಾರ ಈ ಬಗ್ಗೆ ಪ್ರಾಮಾಣಿಕ ತನಿಖೆ ನಡೆಸಲಿ, ಇಲ್ಲದಿದ್ದರೆ ಹೋರಾಟ ಅನಿವಾರ್ಯ ಎಂದು ಎಚ್ಚರಿಸಿದರು.
ಪ್ರೇಮಿಗಳ ದಿನಕ್ಕೆ ದುಬಾರಿಯಾದ ಗುಲಾಬಿ
ಚಿಕ್ಕಬಳ್ಳಾಪುರ: ಪ್ರೇಮಿಗಳ ದಿನ, ಪ್ರೀತಿಯ ನಿವೇದನೆಗೆ ಕೆಂಪು ಗುಲಾಬಿ ಕೊಡುವುದು ವಾಡಿಕೆ. ಹೀಗಾಗಿ ಪ್ರೇಮಿಗಳ ದಿನಕ್ಕೆ ಗುಲಾಬಿಗೆ ಭಾರಿ ಬೇಡಿಕೆ ಬಂದಿದ್ದು ದರ ದುಬಾರಿಯಾಗಿದೆ. ಕಳೆದ ವಾರ ಒಂದು ಗುಲಾಬಿ ಹೂವಿಗೆ 10 ರಿಂದ 20 ರೂಪಾಯಿ ಇದ್ದ ದರ ಈಗ 25 ರಿಂದ 30 ರೂಪಾಯಿಗೆ ಏರಿಕೆಯಾಗಿದೆ. ಚಿಕ್ಕಬಳ್ಳಾಪುರ ಜಿಲ್ಲೆಯಲ್ಲಿ ಬೆಳೆದ ಗುಲಾಬಿ ಹೂವುಗಳಿಗೆ ವಿದೇಶಗಳಲ್ಲೂ ಬೇಡಿಕೆ ಇದ್ದು, ಬೆಳೆಗಾರರು ಸಂತಸಗೊಂಡಿದ್ದಾರೆ. ಫೆಬ್ರವರಿ 14 ಪ್ರೇಮಿಗಳ ದಿನದ ಹಿನ್ನೆಲೆ ಹೂವಿನ ಮಾರುಕಟ್ಟೆಯಲ್ಲಿ ಗ್ರಾಹಕರ ದಟ್ಟಣೆ ಹೆಚ್ಚಾಗಿದೆ. ತಾಜ್ ಮಹಲ್ ತಳಿಯ ಕೆಂಪು ಗುಲಾಬಿ 20 ಹೂವುಗಳ ಒಂದು ಬಂಡಲ್ 500 ರಿಂದ 600 ರೂಪಾಯಿಗೆ ಮಾರಾಟವಾಗುತ್ತಿದೆ. ಸ್ಥಳೀಯ ಮಾರುಕಟ್ಟೆಗೆ ಪೂರೈಕೆ ಕಡಿಮೆಯಾಗಿದ್ದು ದರ ಮತ್ತಷ್ಟು ಏರಿಕೆಯಾಗುವ ಸಾಧ್ಯತೆ ಇದೆ ಎಂದು ವ್ಯಾಪಾರಿಗಳು ತಿಳಿಸಿದ್ದಾರೆ. ವಿವಿಧ ಬಣ್ಣಗಳ ಗುಲಾಬಿಗೂ ಬೇಡಿಕೆ ಹೆಚ್ಚಿದೆ.
ಹಿಂದಿದೆ ಈ ಕಾರಣ
ಸೇಂಟ್ ವ್ಯಾಲೆಂಟೈನ್ ಹೆಸರಿನ ಪಾದ್ರಿಯ ನೆನಪಿಗಾಗಿ ಫೆಬ್ರವರಿ 14ರಂದು ಪ್ರೇಮಿಗಳ ದಿನ ಆಚರಿಸಲಾಗುತ್ತದೆ. ರೋಮ್ ಸಾಮ್ರಾಜ್ಯದ ಕಾಲದಲ್ಲಿ ಸೈನಿಕರು ಮದುವೆಯಾಗದಂತೆ ನಿಷೇಧ ಹೇರಲಾಗಿತ್ತು. ಇದನ್ನು ವಿರೋಧಿಸಿದ ವ್ಯಾಲೆಂಟೈನ್ ಗುಟ್ಟಾಗಿ ಪ್ರೇಮಿಗಳಿಗೆ ವಿವಾಹ ಮಾಡಿಸುತ್ತಿದ್ದರು. ಇದಕ್ಕಾಗಿ ಅವರಿಗೆ ಮರಣದಂಡನೆ ವಿಧಿಸಲಾಯಿತು. ಅವರ ತ್ಯಾಗದ ನೆನಪಿಗಾಗಿ ಈ ದಿನವನ್ನು ಪ್ರೇಮಿಗಳ ದಿನವಾಗಿ ಆಚರಿಸಲಾಗುತ್ತಿದೆ. ಇ ರೀತಿಯ ಉಡುಗೊರೆ ನೀಡಿ: ವ್ಯಾಲೆಂಟೈನ್ಸ್ ಡೇ ದಿನ ನಿಮ್ಮ ಪ್ರೀತಿ ಪಾತ್ರರಿಗೆ ಉಪಯುಕ್ತ ಉಡುಗೊರೆ ನೀಡಿ. ಫಿಟ್‌ನೆಸ್ ಬ್ಯಾಂಡ್, ಸ್ಮಾರ್ಟ್ ವಾಚ್, ಪುಸ್ತಕಗಳು, ಕೈಯಿಂದ ತಯಾರಿಸಿದ ಉಡುಗೊರೆಗಳು ಸಂಬಂಧವನ್ನು ಮತ್ತಷ್ಟು ಗಟ್ಟಿಗೊಳಿಸುತ್ತವೆ. ಬ್ಲೂಟೂತ್ ಸ್ಪೀಕರ್, ಸುಗಂಧ ದ್ರವ್ಯ, ಫೋಟೋ ಫ್ರೇಮ್‌ಗಳು ಸಹ ಉತ್ತಮ ಆಯ್ಕೆಗಳಾಗಿವೆ. ಸ್ಮಾರ್ಟ್ ಫೋನ್: ನಿಮ್ಮ ಸಂಗಾತಿಗೆ ಸ್ಮಾರ್ಟ್ ಫೋನ್ ನೀಡಬಹುದು. ಕೈಯಿಂದ ತಯಾರಿಸಿದ ಉಡುಗೊರೆ: ನೀವೇ ಸ್ವತಃ ತಯಾರಿಸಿದ ಗ್ರೀಟಿಂಗ್ ಕಾರ್ಡ್, ಚಿತ್ರಕಲೆ, ಕರಕುಶಲ ವಸ್ತುಗಳು ಪ್ರೀತಿಪಾತ್ರರ ಮನಸ್ಸನ್ನು ಗೆಲ್ಲುತ್ತವೆ. ಒಟ್ಟಿಗೆ ಸಮಯ ಕಳೆಯುವುದು: ಪ್ರತಿದಿನದ ಒತ್ತಡದ ಜೀವನದಲ್ಲಿ ಪ್ರೀತಿಪಾತ್ರರೊಂದಿಗೆ ಸಮಯ ಕಳೆಯುವುದೇ ದೊಡ್ಡ ಉಡುಗೊರೆ.
ಸೇಂಟ್ ವ್ಯಾಲೆಂಟೈನ್ ಹೆಸರಿನ ಪಾದ್ರಿಯ ನೆನಪಿಗಾಗಿ ಫೆಬ್ರವರಿ 14ರಂದು ಪ್ರೇಮಿಗಳ ದಿನ ಆಚರಿಸಲಾಗುತ್ತದೆ. ರೋಮ್ ಸಾಮ್ರಾಜ್ಯದ ಕಾಲದಲ್ಲಿ ಸೈನಿಕರು ಮದುವೆಯಾಗದಂತೆ ನಿಷೇಧ ಹೇರಲಾಗಿತ್ತು. ಇದನ್ನು ವಿರೋಧಿಸಿದ ವ್ಯಾಲೆಂಟೈನ್ ಗುಟ್ಟಾಗಿ ಪ್ರೇಮಿಗಳಿಗೆ ವಿವಾಹ ಮಾಡಿಸುತ್ತಿದ್ದರು. ಇದಕ್ಕಾಗಿ ಅವರಿಗೆ ಮರಣದಂಡನೆ ವಿಧಿಸಲಾಯಿತು. ಅವರ ತ್ಯಾಗದ ನೆನಪಿಗಾಗಿ ಈ ದಿನವನ್ನು ಪ್ರೇಮಿಗಳ ದಿನವಾಗಿ ಆಚರಿಸಲಾಗುತ್ತಿದೆ. ಇ ರೀತಿಯ ಉಡುಗೊರೆ ನೀಡಿ: ವ್ಯಾಲೆಂಟೈನ್ಸ್ ಡೇ ದಿನ ನಿಮ್ಮ ಪ್ರೀತಿ ಪಾತ್ರರಿಗೆ ಉಪಯುಕ್ತ ಉಡುಗೊರೆ ನೀಡಿ. ಫಿಟ್‌ನೆಸ್ ಬ್ಯಾಂಡ್, ಸ್ಮಾರ್ಟ್ ವಾಚ್, ಪುಸ್ತಕಗಳು, ಕೈಯಿಂದ ತಯಾರಿಸಿದ ಉಡುಗೊರೆಗಳು ಸಂಬಂಧವನ್ನು ಮತ್ತಷ್ಟು ಗಟ್ಟಿಗೊಳಿಸುತ್ತವೆ. ಬ್ಲೂಟೂತ್ ಸ್ಪೀಕರ್, ಸುಗಂಧ ದ್ರವ್ಯ, ಫೋಟೋ ಫ್ರೇಮ್‌ಗಳು ಸಹ ಉತ್ತಮ ಆಯ್ಕೆಗಳಾಗಿವೆ. ಸ್ಮಾರ್ಟ್ ಫೋನ್: ನಿಮ್ಮ ಸಂಗಾತಿಗೆ ಸ್ಮಾರ್ಟ್ ಫೋನ್ ನೀಡಬಹುದು. ಕೈಯಿಂದ ತಯಾರಿಸಿದ ಉಡುಗೊರೆ: ನೀವೇ ಸ್ವತಃ ತಯಾರಿಸಿದ ಗ್ರೀಟಿಂಗ್ ಕಾರ್ಡ್, ಚಿತ್ರಕಲೆ, ಕರಕುಶಲ ವಸ್ತುಗಳು ಪ್ರೀತಿಪಾತ್ರರ ಮನಸ್ಸನ್ನು ಗೆಲ್ಲುತ್ತವೆ. ಒಟ್ಟಿಗೆ ಸಮಯ ಕಳೆಯುವುದು: ಪ್ರತಿದಿನದ ಒತ್ತಡದ ಜೀವನದಲ್ಲಿ ಪ್ರೀತಿಪಾತ್ರರೊಂದಿಗೆ ಸಮಯ ಕಳೆಯುವುದೇ ದೊಡ್ಡ ಉಡುಗೊರೆ.
3ನೇ ಬಾರಿಗೆ ಮುಂದೂಡಿಕೆ
ಫೆಬ್ರವರಿ 16 ರಂದು ಚಾಮರಾಜನಗರದಲ್ಲಿ ನಡೆಯಬೇಕಿದ್ದ ಸಚಿವ ಸಂಪುಟ ಸಭೆಯನ್ನು ಮೂರನೇ ಬಾರಿಗೆ ಮುಂದೂಡಲಾಗಿದೆ. ಫೆಬ್ರವರಿ 17 ರಂದು ಸಚಿವ ಸಂಪುಟ ಸಭೆ ನಿಗದಿಯಾಗಿತ್ತು. ಆಡಳಿತಾತ್ಮಕ ಕಾರಣಗಳಿಂದ ದಿನಾಂಕ ಬದಲಾವಣೆಯಾಗಿದೆ. ಮುಂದಿನ ದಿನಾಂಕವನ್ನು ಶೀಘ್ರದಲ್ಲೇ ಪ್ರಕಟಿಸಲಾಗುವುದು ಎಂದು ಮುಖ್ಯಮಂತ್ರಿಗಳ ಕಚೇರಿ ತಿಳಿಸಿದೆ. ಮಲೆ ಮಹದೇಶ್ವರ ಬೆಟ್ಟದಲ್ಲಿ ಸಭೆ ನಡೆಸಲು ಉದ್ದೇಶಿಸಲಾಗಿತ್ತು.
ನೋಡಿಕೊಳ್ತಾರೆ ಎಂದ ಟ್ರಂಪ್
ಬಾಂಗ್ಲಾದೇಶದ ವಿಚಾರವನ್ನು ಪ್ರಧಾನಿ ಮೋದಿ ನೋಡಿಕೊಳ್ಳುತ್ತಾರೆ ಎಂದು ಅಮೆರಿಕ ಅಧ್ಯಕ್ಷ ಡೊನಾಲ್ಡ್ ಟ್ರಂಪ್ ಹೇಳಿದ್ದಾರೆ. ವಾಷಿಂಗ್ಟನ್‌ನಲ್ಲಿ ನಡೆದ ಜಂಟಿ ಸುದ್ದಿಗೋಷ್ಠಿಯಲ್ಲಿ ಅವರು ಈ ಹೇಳಿಕೆ ನೀಡಿದ್ದಾರೆ.
ಮೊದಲನೇ ಪುಟದಿಂದ...
ಟ್ರಂಪ್ ಆಡಳಿತವು ಎಲ್ಲಾ ಸಹಾಯವನ್ನು ಸ್ಥಗಿತಗೊಳಿಸಿತ್ತು. ಅಧ್ಯಕ್ಷ ಟ್ರಂಪ್ ಭಾರತದೊಂದಿಗೆ ಹೊಸ ವ್ಯಾಪಾರ ಒಪ್ಪಂದದ ಕುರಿತು ಮಾತುಕತೆ ನಡೆಸಲು ಸಿದ್ಧರಿದ್ದಾರೆ. ಭಾರತದ ಮೇಲೆ ಅತಿ ಹೆಚ್ಚು ಸುಂಕ ವಿಧಿಸುತ್ತಿದೆ ಎಂದು ಟ್ರಂಪ್ ಆರೋಪಿಸಿದ್ದು, ಪ್ರತಿಸುಂಕ ವಿಧಿಸುವ ಎಚ್ಚರಿಕೆ ನೀಡಿದ್ದಾರೆ. ರಕ್ಷಣಾ ಒಪ್ಪಂದ, ಇಂಧನ ಪೂರೈಕೆ ಹಾಗೂ ತಂತ್ರಜ್ಞಾನ ಸಹಕಾರ ಕುರಿತು ಉಭಯ ನಾಯಕರು ಚರ್ಚಿಸಿದರು. ಅಕ್ರಮ ವಲಸಿಗರನ್ನು ವಾಪಸ್ ಕರೆಸಿಕೊಳ್ಳಲು ಭಾರತ ಸಿದ್ಧವಿದೆ ಎಂದು ಮೋದಿ ತಿಳಿಸಿದರು. ಮುಂಬೈ ದಾಳಿಯ ಆರೋಪಿ ತಹವ್ವುರ್ ರಾಣಾ ಹಸ್ತಾಂತರಕ್ಕೆ ಅಮೆರಿಕ ಒಪ್ಪಿಗೆ ನೀಡಿದೆ.
ಆರೋಪಿಗಳ ಬಂಧನ
ಎಂಎಲ್‌ಸಿ ಪ್ರಕರಣ ಸಂಬಂಧ ಪೊಲೀಸರು ಇಬ್ಬರು ಆರೋಪಿಗಳನ್ನು ಬಂಧಿಸಿದ್ದಾರೆ. ಬೆಂಗಳೂರಿನ ವಿವಿಧೆಡೆ ದಾಳಿ ನಡೆಸಿ ಆರೋಪಿಗಳನ್ನು ವಶಕ್ಕೆ ಪಡೆಯಲಾಗಿದೆ. ಬಂಧಿತರಿಂದ ಮೊಬೈಲ್ ಫೋನ್ ಹಾಗೂ ದಾಖಲೆಗಳನ್ನು ಜಪ್ತಿ ಮಾಡಲಾಗಿದೆ. ಘಟನಾ ಸ್ಥಳದಲ್ಲಿ ಸಂಗ್ರಹಿಸಿದ ಸಿಸಿಟಿವಿ ದೃಶ್ಯಾವಳಿಗಳ ಆಧಾರದ ಮೇಲೆ ತನಿಖೆ ನಡೆಸಲಾಗಿದೆ. ಫೆಬ್ರವರಿ 11 ರಂದು ರಾತ್ರಿ 9:45ರ ಸುಮಾರಿಗೆ ಘಟನೆ ನಡೆದಿತ್ತು. ಹೆಚ್ಚಿನ ವಿಚಾರಣೆಗಾಗಿ ಆರೋಪಿಗಳನ್ನು ಪೊಲೀಸ್ ಕಸ್ಟಡಿಗೆ ಪಡೆಯಲಾಗಿದೆ. ವರ್ಷದ ರವಿ ವರದಿ ಪ್ರತಿಕ್ರಿಯೆ: 2024 ರ ಜನವರಿ 12 ರಂದು ನಡೆದ ಘಟನೆಗೆ ಸಂಬಂಧಿಸಿದಂತೆ ಈ ಬೆಳವಣಿಗೆ ನಡೆದಿದೆ.
ಆರೋಪ ಕೇಳಿ ಬಂದಿತ್ತು. ಬಾಗಲ್ಕೋಟೆ ಜಿಲ್ಲೆಯ ಬೀಳಗಿ ತಾಲೂಕಿನ ಕರಾವಳಿ ಕಾವಲು ಪೊಲೀಸ್ ಪಡೆಯ ಕಾರ್ಯಾಚರಣೆ ಸ್ಥಗಿತಗೊಂಡಿದೆ. ಸಮುದ್ರ ಗಸ್ತು ಕಾರ್ಯಾಚರಣೆಗೆ ಭಾರಿ ಹೊಡೆತ: ಕರಾವಳಿ ತೀರದಲ್ಲಿ ಗಸ್ತು ತಿರುಗಲು ಬಳಸುವ ಹತ್ತಕ್ಕೂ ಹೆಚ್ಚು ದೋಣಿಗಳು ಇಂಧನ ಕೊರತೆಯಿಂದ ನಿಂತಿವೆ. ಇದರಿಂದ ಕರಾವಳಿ ಭದ್ರತೆಗೆ ಧಕ್ಕೆ ಉಂಟಾಗುವ ಆತಂಕ ವ್ಯಕ್ತವಾಗಿದೆ. ಪ್ರತಿದಿನ 10 ರಿಂದ 15 ಸಾವಿರ ಲೀಟರ್ ಇಂಧನ ಬೇಕಾಗುತ್ತದೆ. ಕಳೆದ ಐದು ತಿಂಗಳಿಂದ ಇಂಧನ ಪೂರೈಕೆಯ ಬಾಕಿ ಹಣ ಪಾವತಿಯಾಗಿಲ್ಲ. ಸಮುದ್ರ ಪೊಲೀಸ್ ವಾಹನಗಳಿಗೆ ಇಂಧನ: ಕೇರಳ ಮತ್ತು ಗೋವಾ ರಾಜ್ಯಗಳಲ್ಲಿ ಸರ್ಕಾರವೇ ನೇರವಾಗಿ ಇಂಧನ ಒದಗಿಸುತ್ತಿದ್ದು, ಕರ್ನಾಟಕದಲ್ಲಿ ಟೆಂಡರ್ ಪ್ರಕ್ರಿಯೆ ವಿಳಂಬವಾಗಿದೆ. ಮಲ್ಪೆ, ಕಾರವಾರ, ಭಟ್ಕಳ, ಕುಂದಾಪುರ ಮುಂತಾದ ಠಾಣೆಗಳ ಬೋಟ್‌ಗಳು ದಡದಲ್ಲೇ ನಿಂತಿವೆ. ಸರ್ಕಾರ ಶೀಘ್ರ ಕ್ರಮ ಕೈಗೊಳ್ಳಬೇಕು ಎಂದು ಮೀನುಗಾರರು ಆಗ್ರಹಿಸಿದ್ದಾರೆ.
ಹೊಸ ಆದೇಶ
ಸಮುದ್ರ ಗಸ್ತು ಕಾರ್ಯಾಚರಣೆಗೆ ಭಾರಿ ಹೊಡೆತ
ಆರೋಪ ಕೇಳಿ ಬಂದಿತ್ತು. ಬಾಗಲ್ಕೋಟೆ ಜಿಲ್ಲೆಯ ಬೀಳಗಿ ತಾಲೂಕಿನ ಕರಾವಳಿ ಕಾವಲು ಪೊಲೀಸ್ ಪಡೆಯ ಕಾರ್ಯಾಚರಣೆ ಸ್ಥಗಿತಗೊಂಡಿದೆ. ಸಮುದ್ರ ಗಸ್ತು ಕಾರ್ಯಾಚರಣೆಗೆ ಭಾರಿ ಹೊಡೆತ: ಕರಾವಳಿ ತೀರದಲ್ಲಿ ಗಸ್ತು ತಿರುಗಲು ಬಳಸುವ ಹತ್ತಕ್ಕೂ ಹೆಚ್ಚು ದೋಣಿಗಳು ಇಂಧನ ಕೊರತೆಯಿಂದ ನಿಂತಿವೆ. ಇದರಿಂದ ಕರಾವಳಿ ಭದ್ರತೆಗೆ ಧಕ್ಕೆ ಉಂಟಾಗುವ ಆತಂಕ ವ್ಯಕ್ತವಾಗಿದೆ. ಪ್ರತಿದಿನ 10 ರಿಂದ 15 ಸಾವಿರ ಲೀಟರ್ ಇಂಧನ ಬೇಕಾಗುತ್ತದೆ. ಕಳೆದ ಐದು ತಿಂಗಳಿಂದ ಇಂಧನ ಪೂರೈಕೆಯ ಬಾಕಿ ಹಣ ಪಾವತಿಯಾಗಿಲ್ಲ. ಸಮುದ್ರ ಪೊಲೀಸ್ ವಾಹನಗಳಿಗೆ ಇಂಧನ: ಕೇರಳ ಮತ್ತು ಗೋವಾ ರಾಜ್ಯಗಳಲ್ಲಿ ಸರ್ಕಾರವೇ ನೇರವಾಗಿ ಇಂಧನ ಒದಗಿಸುತ್ತಿದ್ದು, ಕರ್ನಾಟಕದಲ್ಲಿ ಟೆಂಡರ್ ಪ್ರಕ್ರಿಯೆ ವಿಳಂಬವಾಗಿದೆ. ಮಲ್ಪೆ, ಕಾರವಾರ, ಭಟ್ಕಳ, ಕುಂದಾಪುರ ಮುಂತಾದ ಠಾಣೆಗಳ ಬೋಟ್‌ಗಳು ದಡದಲ್ಲೇ ನಿಂತಿವೆ. ಸರ್ಕಾರ ಶೀಘ್ರ ಕ್ರಮ ಕೈಗೊಳ್ಳಬೇಕು ಎಂದು ಮೀನುಗಾರರು ಆಗ್ರಹಿಸಿದ್ದಾರೆ.
ಸಮುದ್ರ ಪೊಲೀಸ್ ವಾಹನಗಳಿಗೆ ಇಂಧನ
ಆರೋಪ ಕೇಳಿ ಬಂದಿತ್ತು. ಬಾಗಲ್ಕೋಟೆ ಜಿಲ್ಲೆಯ ಬೀಳಗಿ ತಾಲೂಕಿನ ಕರಾವಳಿ ಕಾವಲು ಪೊಲೀಸ್ ಪಡೆಯ ಕಾರ್ಯಾಚರಣೆ ಸ್ಥಗಿತಗೊಂಡಿದೆ. ಸಮುದ್ರ ಗಸ್ತು ಕಾರ್ಯಾಚರಣೆಗೆ ಭಾರಿ ಹೊಡೆತ: ಕರಾವಳಿ ತೀರದಲ್ಲಿ ಗಸ್ತು ತಿರುಗಲು ಬಳಸುವ ಹತ್ತಕ್ಕೂ ಹೆಚ್ಚು ದೋಣಿಗಳು ಇಂಧನ ಕೊರತೆಯಿಂದ ನಿಂತಿವೆ. ಇದರಿಂದ ಕರಾವಳಿ ಭದ್ರತೆಗೆ ಧಕ್ಕೆ ಉಂಟಾಗುವ ಆತಂಕ ವ್ಯಕ್ತವಾಗಿದೆ. ಪ್ರತಿದಿನ 10 ರಿಂದ 15 ಸಾವಿರ ಲೀಟರ್ ಇಂಧನ ಬೇಕಾಗುತ್ತದೆ. ಕಳೆದ ಐದು ತಿಂಗಳಿಂದ ಇಂಧನ ಪೂರೈಕೆಯ ಬಾಕಿ ಹಣ ಪಾವತಿಯಾಗಿಲ್ಲ. ಸಮುದ್ರ ಪೊಲೀಸ್ ವಾಹನಗಳಿಗೆ ಇಂಧನ: ಕೇರಳ ಮತ್ತು ಗೋವಾ ರಾಜ್ಯಗಳಲ್ಲಿ ಸರ್ಕಾರವೇ ನೇರವಾಗಿ ಇಂಧನ ಒದಗಿಸುತ್ತಿದ್ದು, ಕರ್ನಾಟಕದಲ್ಲಿ ಟೆಂಡರ್ ಪ್ರಕ್ರಿಯೆ ವಿಳಂಬವಾಗಿದೆ. ಮಲ್ಪೆ, ಕಾರವಾರ, ಭಟ್ಕಳ, ಕುಂದಾಪುರ ಮುಂತಾದ ಠಾಣೆಗಳ ಬೋಟ್‌ಗಳು ದಡದಲ್ಲೇ ನಿಂತಿವೆ. ಸರ್ಕಾರ ಶೀಘ್ರ ಕ್ರಮ ಕೈಗೊಳ್ಳಬೇಕು ಎಂದು ಮೀನುಗಾರರು ಆಗ್ರಹಿಸಿದ್ದಾರೆ.
ರಾಜ ಮಾತುಕತೆ ಮುಂದಿಟ್ಟು ಮೆಟ್ರೋ ದರ ಇಳಿಕೆಗೆ ಮುಂದಾಗಿದೆ. ಶುಕ್ರವಾರ ಬೆಳಗ್ಗೆ ಹೊಸ ದರ ಜಾರಿಯಾಗಲಿದೆ. ಸಾರ್ವಜನಿಕರ ವಿರೋಧದ ಹಿನ್ನೆಲೆಯಲ್ಲಿ ಬಿಎಂಆರ್‌ಸಿಎಲ್ ಗರಿಷ್ಠ ದರವನ್ನು ಇಳಿಸಲು ತೀರ್ಮಾನಿಸಿದೆ. ಕನಿಷ್ಠ ದರ 10 ರೂಪಾಯಿಯಾಗಿಯೇ ಮುಂದುವರಿಯಲಿದೆ. ಪ್ರಯಾಣಿಕರ ಸಂಖ್ಯೆ ಇಳಿಕೆಯಾಗಿದ್ದರಿಂದ ಈ ನಿರ್ಧಾರ ಕೈಗೊಳ್ಳಲಾಗಿದೆ.
ದರ ಇಳಿಸಿದ ಮೆಟ್ರೋ
ರಾಜ ಮಾತುಕತೆ ಮುಂದಿಟ್ಟು ಮೆಟ್ರೋ ದರ ಇಳಿಕೆಗೆ ಮುಂದಾಗಿದೆ. ಶುಕ್ರವಾರ ಬೆಳಗ್ಗೆ ಹೊಸ ದರ ಜಾರಿಯಾಗಲಿದೆ. ಸಾರ್ವಜನಿಕರ ವಿರೋಧದ ಹಿನ್ನೆಲೆಯಲ್ಲಿ ಬಿಎಂಆರ್‌ಸಿಎಲ್ ಗರಿಷ್ಠ ದರವನ್ನು ಇಳಿಸಲು ತೀರ್ಮಾನಿಸಿದೆ. ಕನಿಷ್ಠ ದರ 10 ರೂಪಾಯಿಯಾಗಿಯೇ ಮುಂದುವರಿಯಲಿದೆ. ಪ್ರಯಾಣಿಕರ ಸಂಖ್ಯೆ ಇಳಿಕೆಯಾಗಿದ್ದರಿಂದ ಈ ನಿರ್ಧಾರ ಕೈಗೊಳ್ಳಲಾಗಿದೆ.
ತೀರ್ಮಾನ!
ಬೀದರ್ ವಿಶ್ವವಿದ್ಯಾಲಯ 150 ಸಂಯೋಜಿತ ಕಾಲೇಜುಗಳನ್ನು ಹೊಂದಿದೆ. ಹೊಸ ವಿಶ್ವವಿದ್ಯಾಲಯಗಳನ್ನು ಮುಚ್ಚುವ ಸಂಬಂಧ ಸಂಪುಟ ಉಪಸಮಿತಿ ಶಿಫಾರಸು ಮಾಡಿದೆ. ಆರ್ಥಿಕ ಹೊರೆ ಹಿನ್ನೆಲೆಯಲ್ಲಿ ಈ ತೀರ್ಮಾನ ಕೈಗೊಳ್ಳಲಾಗಿದ್ದು, ಮುಂದಿನ ಸಂಪುಟ ಸಭೆಯಲ್ಲಿ ಅಂತಿಮ ನಿರ್ಧಾರ ಹೊರಬೀಳಲಿದೆ. ಯಾವ್ಯಾವ ವಿಶ್ವವಿದ್ಯಾಲಯ ಮುಚ್ಚಲು ನಿರ್ಧಾರ: ಹಾಸನ, ಚಾಮರಾಜನಗರ, ಹಾವೇರಿ, ಕೊಡಗು, ಬಾಗಲಕೋಟೆ, ಮಂಡ್ಯ, ಕೊಪ್ಪಳ, ಬೀದರ್, ಮಹಾರಾಣಿ ಕ್ಲಸ್ಟರ್ ವಿಶ್ವವಿದ್ಯಾಲಯಗಳು ಈ ಪಟ್ಟಿಯಲ್ಲಿವೆ. ವರ: ಸತೀಶ್ ಅವರ ಸ್ನೇಹಿತರು ದೂರು ನೀಡಿದ್ದಾರೆ. ಆರೋಪಿಗಳ ಪತ್ತೆಗೆ ಪೊಲೀಸರು ವಿಶೇಷ ತಂಡ ರಚಿಸಿದ್ದಾರೆ.
ವರ
ಬೀದರ್ ವಿಶ್ವವಿದ್ಯಾಲಯ 150 ಸಂಯೋಜಿತ ಕಾಲೇಜುಗಳನ್ನು ಹೊಂದಿದೆ. ಹೊಸ ವಿಶ್ವವಿದ್ಯಾಲಯಗಳನ್ನು ಮುಚ್ಚುವ ಸಂಬಂಧ ಸಂಪುಟ ಉಪಸಮಿತಿ ಶಿಫಾರಸು ಮಾಡಿದೆ. ಆರ್ಥಿಕ ಹೊರೆ ಹಿನ್ನೆಲೆಯಲ್ಲಿ ಈ ತೀರ್ಮಾನ ಕೈಗೊಳ್ಳಲಾಗಿದ್ದು, ಮುಂದಿನ ಸಂಪುಟ ಸಭೆಯಲ್ಲಿ ಅಂತಿಮ ನಿರ್ಧಾರ ಹೊರಬೀಳಲಿದೆ. ಯಾವ್ಯಾವ ವಿಶ್ವವಿದ್ಯಾಲಯ ಮುಚ್ಚಲು ನಿರ್ಧಾರ: ಹಾಸನ, ಚಾಮರಾಜನಗರ, ಹಾವೇರಿ, ಕೊಡಗು, ಬಾಗಲಕೋಟೆ, ಮಂಡ್ಯ, ಕೊಪ್ಪಳ, ಬೀದರ್, ಮಹಾರಾಣಿ ಕ್ಲಸ್ಟರ್ ವಿಶ್ವವಿದ್ಯಾಲಯಗಳು ಈ ಪಟ್ಟಿಯಲ್ಲಿವೆ. ವರ: ಸತೀಶ್ ಅವರ ಸ್ನೇಹಿತರು ದೂರು ನೀಡಿದ್ದಾರೆ. ಆರೋಪಿಗಳ ಪತ್ತೆಗೆ ಪೊಲೀಸರು ವಿಶೇಷ ತಂಡ ರಚಿಸಿದ್ದಾರೆ.
